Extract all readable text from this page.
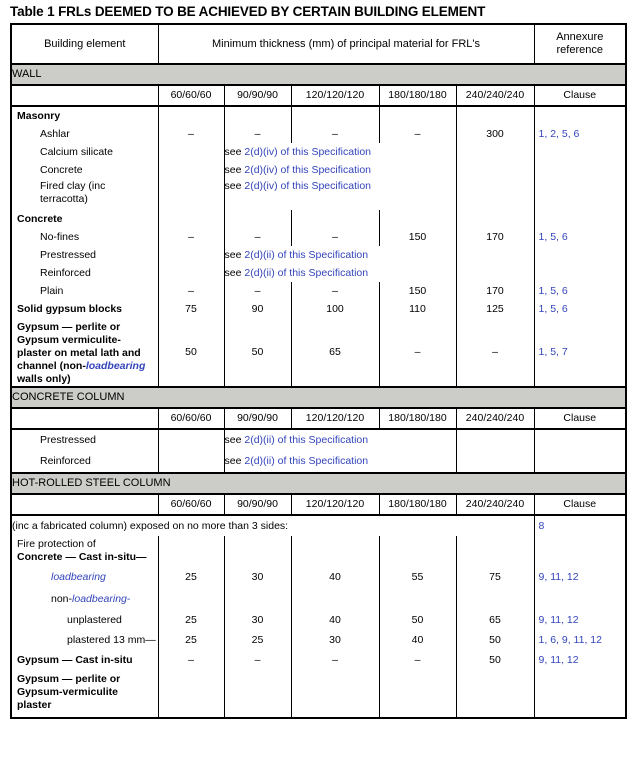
Table 1 FRLs DEEMED TO BE ACHIEVED BY CERTAIN BUILDING ELEMENT
Building element	Minimum thickness (mm) of principal material for FRL's					Annexure
reference
WALL						
	60/60/60	90/90/90	120/120/120	180/180/180	240/240/240	Clause

Masonry						

Ashlar	–	–	–	–	300	1, 2, 5, 6

Calcium silicate		see 2(d)(iv) of this Specification				

Concrete		see 2(d)(iv) of this Specification				

Fired clay (inc
terracotta)		see 2(d)(iv) of this Specification				

Concrete						

No-fines	–	–	–	150	170	1, 5, 6

Prestressed		see 2(d)(ii) of this Specification				

Reinforced		see 2(d)(ii) of this Specification				

Plain	–	–	–	150	170	1, 5, 6

Solid gypsum blocks	75	90	100	110	125	1, 5, 6

Gypsum — perlite or
Gypsum vermiculite-
plaster on metal lath and
channel (non-loadbearing
walls only)	50	50	65	–	–	1, 5, 7
CONCRETE COLUMN						
	60/60/60	90/90/90	120/120/120	180/180/180	240/240/240	Clause

Prestressed		see 2(d)(ii) of this Specification				

Reinforced		see 2(d)(ii) of this Specification				
HOT-ROLLED STEEL COLUMN						
	60/60/60	90/90/90	120/120/120	180/180/180	240/240/240	Clause
(inc a fabricated column) exposed on no more than 3 sides:						8

Fire protection of
Concrete — Cast in-situ—						

loadbearing	25	30	40	55	75	9, 11, 12

non-loadbearing-						

unplastered	25	30	40	50	65	9, 11, 12

plastered 13 mm—	25	25	30	40	50	1, 6, 9, 11, 12

Gypsum — Cast in-situ	–	–	–	–	50	9, 11, 12

Gypsum — perlite or
Gypsum-vermiculite
plaster						
